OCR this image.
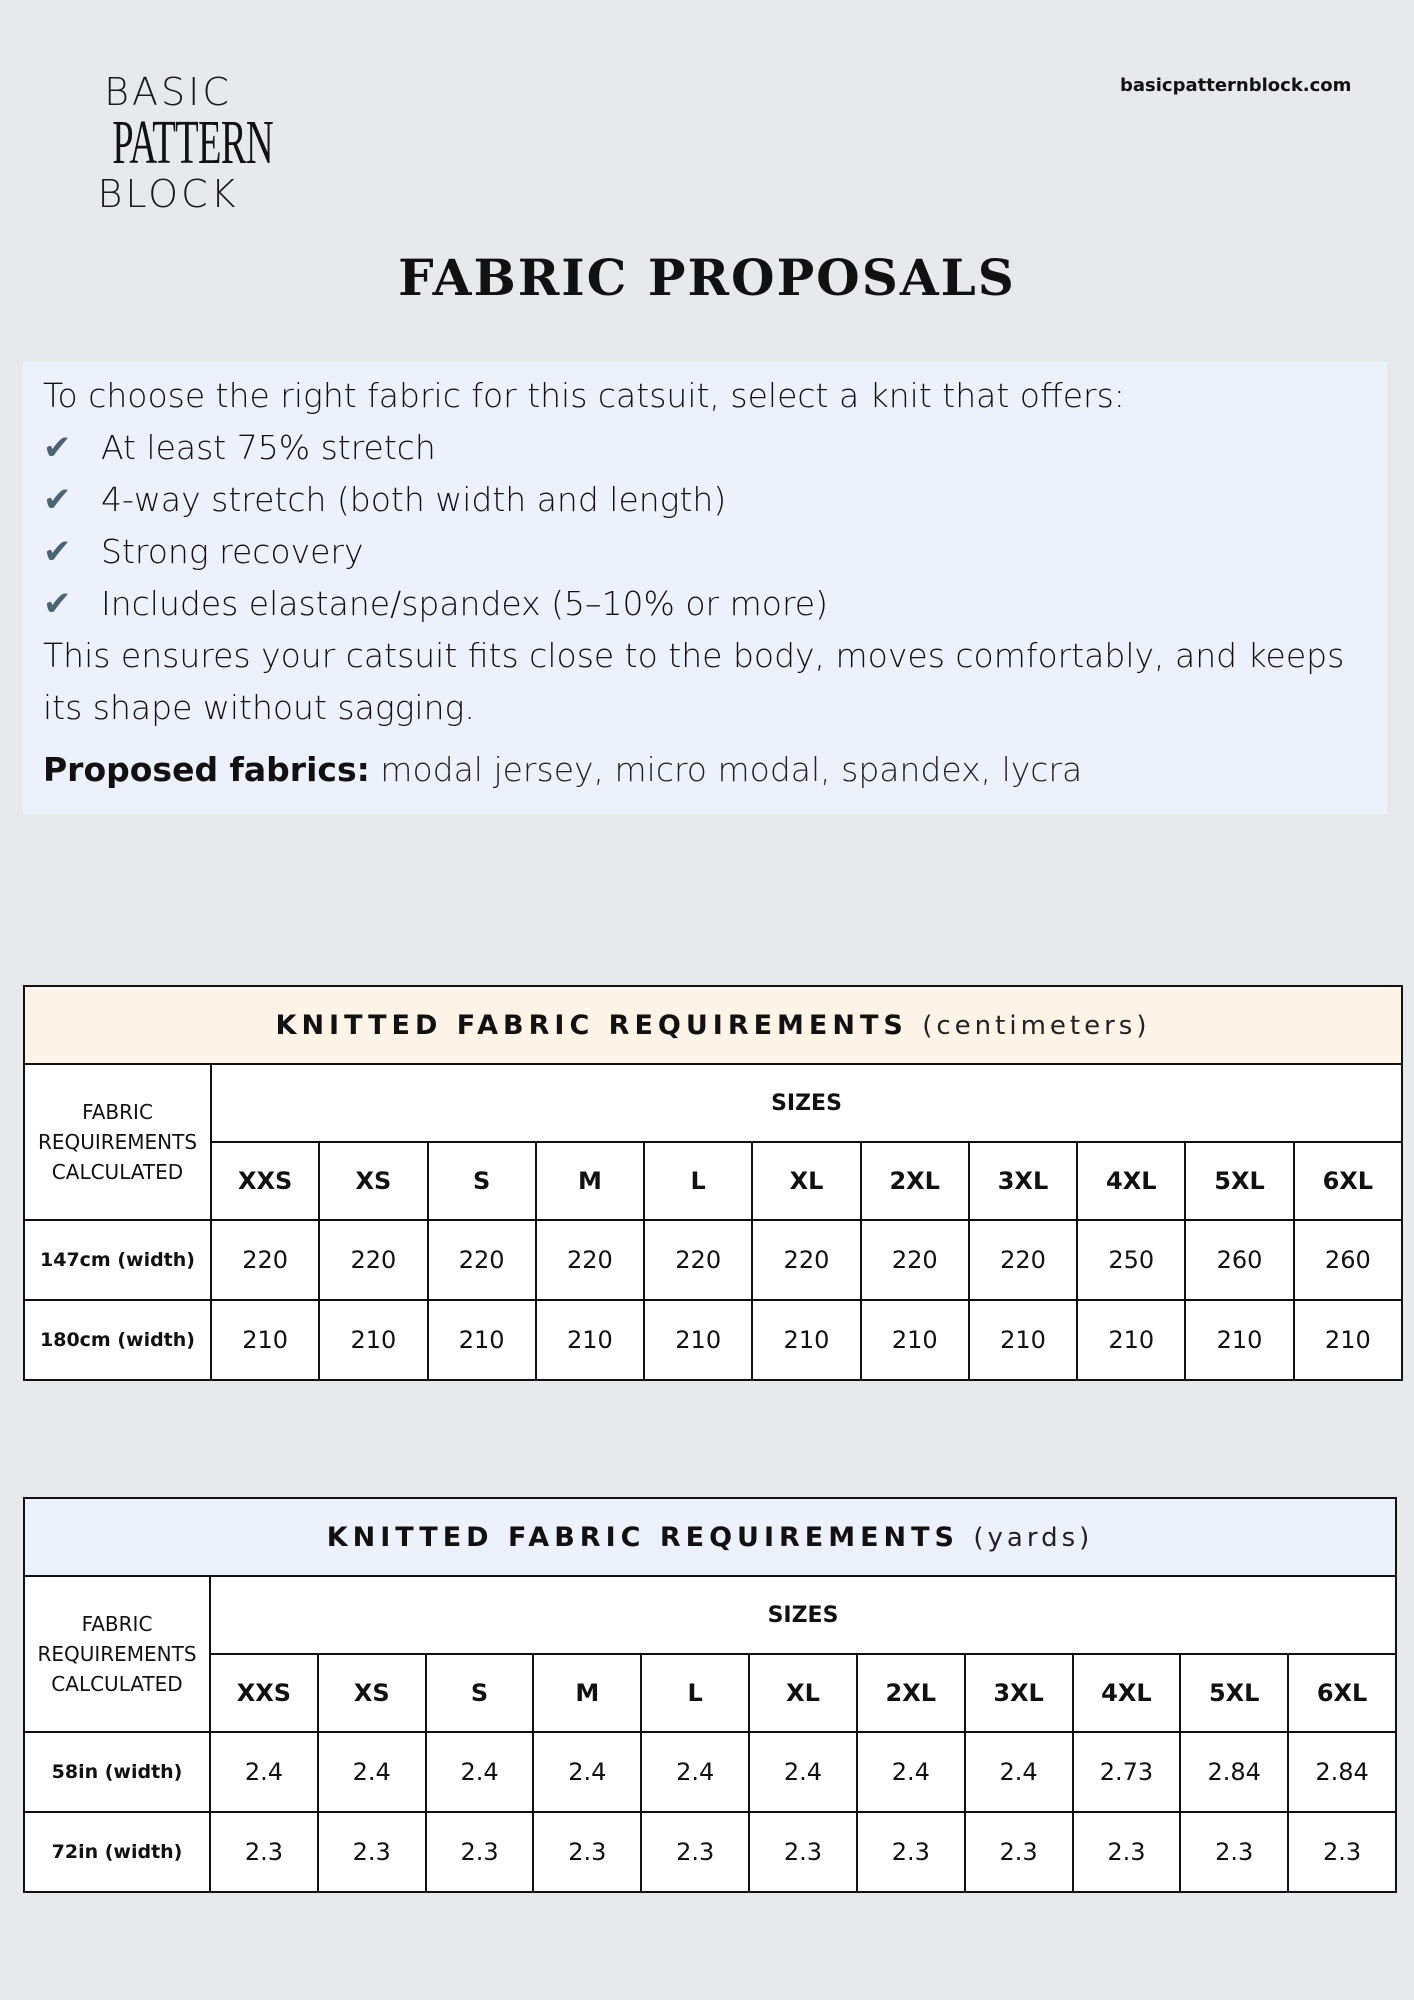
BASIC
PATTERN
BLOCK
basicpatternblock.com
FABRIC PROPOSALS
To choose the right fabric for this catsuit, select a knit that offers:
✔ At least 75% stretch
✔ 4-way stretch (both width and length)
✔ Strong recovery
✔ Includes elastane/spandex (5–10% or more)
This ensures your catsuit fits close to the body, moves comfortably, and keeps its shape without sagging.
Proposed fabrics: modal jersey, micro modal, spandex, lycra
KNITTED FABRIC REQUIREMENTS (centimeters)											

FABRIC
REQUIREMENTS
CALCULATED	SIZES										
	XXS	XS	S	M	L	XL	2XL	3XL	4XL	5XL	6XL
147cm (width)	220	220	220	220	220	220	220	220	250	260	260
180cm (width)	210	210	210	210	210	210	210	210	210	210	210
KNITTED FABRIC REQUIREMENTS (yards)											

FABRIC
REQUIREMENTS
CALCULATED	SIZES										
	XXS	XS	S	M	L	XL	2XL	3XL	4XL	5XL	6XL
58in (width)	2.4	2.4	2.4	2.4	2.4	2.4	2.4	2.4	2.73	2.84	2.84
72in (width)	2.3	2.3	2.3	2.3	2.3	2.3	2.3	2.3	2.3	2.3	2.3
